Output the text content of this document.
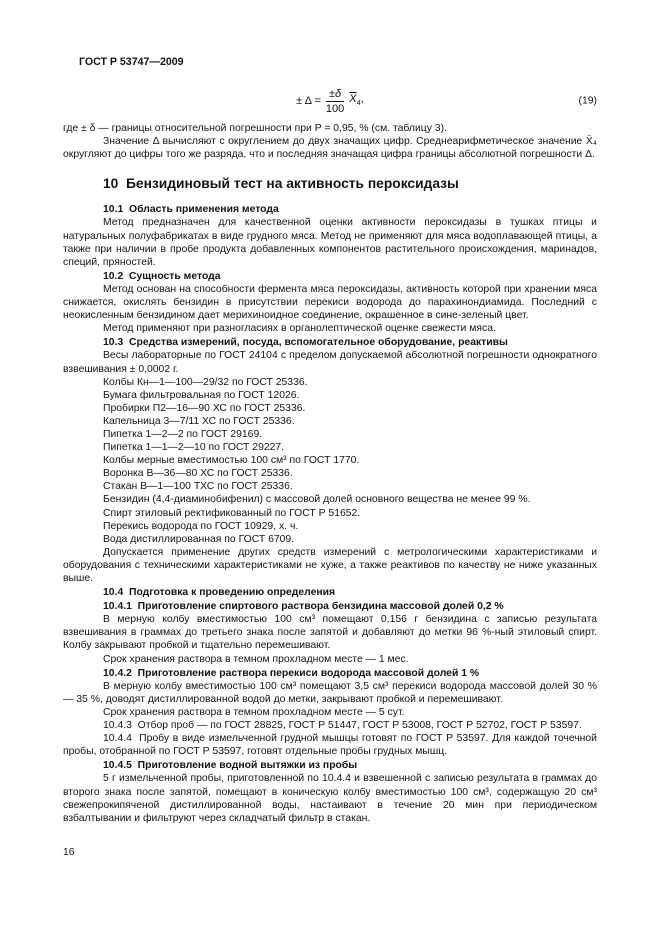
ГОСТ Р 53747—2009
± $\Delta = \frac{\pm\delta}{100} \overline{X}_4$,	(19)
где ± δ — границы относительной погрешности при P = 0,95, % (см. таблицу 3).
Значение Δ вычисляют с округлением до двух значащих цифр. Среднеарифметическое значение X̄₄ округляют до цифры того же разряда, что и последняя значащая цифра границы абсолютной погрешности Δ.
10  Бензидиновый тест на активность пероксидазы
10.1  Область применения метода
Метод предназначен для качественной оценки активности пероксидазы в тушках птицы и натуральных полуфабрикатах в виде грудного мяса. Метод не применяют для мяса водоплавающей птицы, а также при наличии в пробе продукта добавленных компонентов растительного происхождения, маринадов, специй, пряностей.
10.2  Сущность метода
Метод основан на способности фермента мяса пероксидазы, активность которой при хранении мяса снижается, окислять бензидин в присутствии перекиси водорода до парахинондиамида. Последний с неокисленным бензидином дает мерихиноидное соединение, окрашенное в сине-зеленый цвет.
Метод применяют при разногласиях в органолептической оценке свежести мяса.
10.3  Средства измерений, посуда, вспомогательное оборудование, реактивы
Весы лабораторные по ГОСТ 24104 с пределом допускаемой абсолютной погрешности однократного взвешивания ± 0,0002 г.
Колбы Кн—1—100—29/32 по ГОСТ 25336.
Бумага фильтровальная по ГОСТ 12026.
Пробирки П2—16—90 ХС по ГОСТ 25336.
Капельница 3—7/11 ХС по ГОСТ 25336.
Пипетка 1—2—2 по ГОСТ 29169.
Пипетка 1—1—2—10 по ГОСТ 29227.
Колбы мерные вместимостью 100 см³ по ГОСТ 1770.
Воронка В—36—80 ХС по ГОСТ 25336.
Стакан В—1—100 ТХС по ГОСТ 25336.
Бензидин (4,4-диаминобифенил) с массовой долей основного вещества не менее 99 %.
Спирт этиловый ректификованный по ГОСТ Р 51652.
Перекись водорода по ГОСТ 10929, х. ч.
Вода дистиллированная по ГОСТ 6709.
Допускается применение других средств измерений с метрологическими характеристиками и оборудования с техническими характеристиками не хуже, а также реактивов по качеству не ниже указанных выше.
10.4  Подготовка к проведению определения
10.4.1  Приготовление спиртового раствора бензидина массовой долей 0,2 %
В мерную колбу вместимостью 100 см³ помещают 0,156 г бензидина с записью результата взвешивания в граммах до третьего знака после запятой и добавляют до метки 96 %-ный этиловый спирт. Колбу закрывают пробкой и тщательно перемешивают.
Срок хранения раствора в темном прохладном месте — 1 мес.
10.4.2  Приготовление раствора перекиси водорода массовой долей 1 %
В мерную колбу вместимостью 100 см³ помещают 3,5 см³ перекиси водорода массовой долей 30 % — 35 %, доводят дистиллированной водой до метки, закрывают пробкой и перемешивают.
Срок хранения раствора в темном прохладном месте — 5 сут.
10.4.3  Отбор проб — по ГОСТ 28825, ГОСТ Р 51447, ГОСТ Р 53008, ГОСТ Р 52702, ГОСТ Р 53597.
10.4.4  Пробу в виде измельченной грудной мышцы готовят по ГОСТ Р 53597. Для каждой точечной пробы, отобранной по ГОСТ Р 53597, готовят отдельные пробы грудных мышц.
10.4.5  Приготовление водной вытяжки из пробы
5 г измельченной пробы, приготовленной по 10.4.4 и взвешенной с записью результата в граммах до второго знака после запятой, помещают в коническую колбу вместимостью 100 см³, содержащую 20 см³ свежепрокипяченой дистиллированной воды, настаивают в течение 20 мин при периодическом взбалтывании и фильтруют через складчатый фильтр в стакан.
16
